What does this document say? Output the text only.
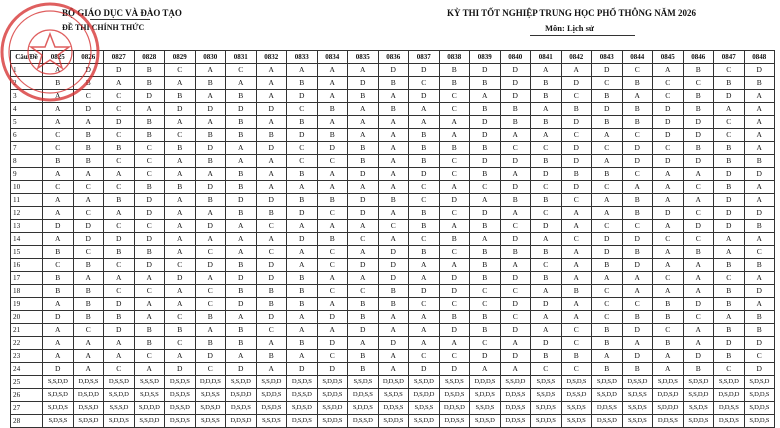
BỘ GIÁO DỤC VÀ ĐÀO TẠO
ĐỀ THI CHÍNH THỨC
KỲ THI TỐT NGHIỆP TRUNG HỌC PHỔ THÔNG NĂM 2026
Môn: Lịch sử
Câu/Đề	0825	0826	0827	0828	0829	0830	0831	0832	0833	0834	0835	0836	0837	0838	0839	0840	0841	0842	0843	0844	0845	0846	0847	0848
1	A	D	D	B	C	A	C	A	A	A	A	D	D	B	D	D	A	A	D	C	A	B	C	D
2	B	B	A	B	A	B	A	A	B	A	D	B	C	B	B	D	B	D	C	B	C	C	B	B
3	A	C	C	D	B	A	B	A	D	A	B	A	D	C	A	D	B	C	B	A	C	B	D	A
4	A	D	C	A	D	D	D	D	C	B	A	B	A	C	B	B	A	B	D	B	D	B	A	A
5	A	A	D	B	A	A	B	A	B	A	A	A	A	A	D	B	B	D	B	B	D	D	C	A
6	C	B	C	B	C	B	B	B	D	B	A	A	B	A	D	A	A	C	A	C	D	D	C	A
7	C	B	B	C	B	D	A	D	C	D	B	A	B	B	B	C	C	D	C	D	C	B	B	A
8	B	B	C	C	A	B	A	A	C	C	B	A	B	C	D	D	B	D	A	D	D	D	B	B
9	A	A	A	C	A	A	B	A	B	A	D	A	D	C	B	A	D	B	B	C	A	A	D	D
10	C	C	C	B	B	D	B	A	A	A	A	A	C	A	C	D	C	D	C	A	A	C	B	A
11	A	A	B	D	A	B	D	D	B	B	D	B	C	D	A	B	B	C	A	B	A	A	D	A
12	A	C	A	D	A	A	B	B	D	C	D	A	B	C	D	A	C	A	A	B	D	C	D	D
13	D	D	C	C	A	D	A	C	A	A	A	C	B	A	B	C	D	A	C	C	A	D	D	B
14	A	D	D	D	A	A	A	A	D	B	C	A	C	B	A	D	A	C	D	D	C	C	A	A
15	B	C	B	B	A	C	A	C	A	C	A	D	B	C	B	B	B	A	D	B	A	B	A	C
16	C	B	C	D	C	D	B	D	A	C	D	D	A	A	B	A	C	A	B	D	A	A	B	B
17	B	A	A	A	D	A	D	D	B	A	A	D	A	D	B	D	B	A	A	A	C	A	C	A
18	B	B	C	C	A	C	B	B	B	C	C	B	D	D	C	C	A	B	C	A	A	A	B	D
19	A	B	D	A	A	C	D	B	B	A	B	B	C	C	C	D	D	A	C	C	B	D	B	A
20	D	B	B	A	C	B	A	D	A	D	B	A	A	B	B	C	A	A	C	B	B	C	A	B
21	A	C	D	B	B	A	B	C	A	A	D	A	A	D	B	D	A	C	B	D	C	A	B	B
22	A	A	A	B	C	B	B	A	B	D	A	D	A	A	C	A	D	C	B	A	B	A	D	D
23	A	A	A	C	A	D	A	B	A	C	B	A	C	C	D	D	B	B	A	D	A	D	B	C
24	D	A	C	A	D	C	D	A	D	D	B	A	D	D	A	A	C	C	B	B	A	B	C	D
25	S,S,D,D	D,D,S,S	D,S,S,D	S,S,S,D	D,S,D,S	D,D,D,S	S,S,D,D	S,S,D,D	D,S,D,S	S,D,D,S	S,S,D,S	D,D,S,D	S,S,D,D	S,S,D,S	D,D,D,S	S,S,D,D	S,D,S,S	D,S,D,S	S,D,S,D	D,S,S,D	S,D,D,S	S,D,S,D	S,S,D,D	S,D,S,D
26	S,D,S,D	D,S,D,D	S,S,D,D	S,D,S,S	D,S,D,S	S,D,S,S	D,S,D,D	S,D,D,S	D,S,S,D	S,D,D,S	D,D,S,S	S,S,D,S	D,S,D,D	D,S,D,S	S,D,D,S	D,D,S,S	S,S,D,S	D,S,S,D	S,S,D,D	S,D,S,S	D,D,S,D	S,S,D,D	D,S,D,D	S,D,D,S
27	S,D,D,S	D,S,S,D	S,S,S,D	S,D,D,D	D,S,S,D	S,D,S,D	D,S,D,S	D,S,D,S	S,D,S,D	S,S,D,D	S,D,D,S	D,D,S,S	S,D,S,S	D,D,S,D	S,S,D,S	D,D,S,S	S,D,D,S	S,S,D,S	D,D,S,S	S,S,D,S	S,D,D,D	S,S,D,S	D,D,S,S	S,D,D,S
28	S,D,S,S	S,D,S,D	S,D,D,S	S,S,D,D	D,S,D,S	S,D,S,S	D,D,S,D	S,S,D,S	D,S,D,S	S,D,D,S	D,S,S,D	S,D,D,S	S,S,D,D	D,D,S,S	S,D,S,D	D,D,S,S	S,D,D,S	S,S,D,S	D,S,S,D	S,S,D,S	D,D,S,S	S,D,D,S	D,S,D,S	S,D,D,S
